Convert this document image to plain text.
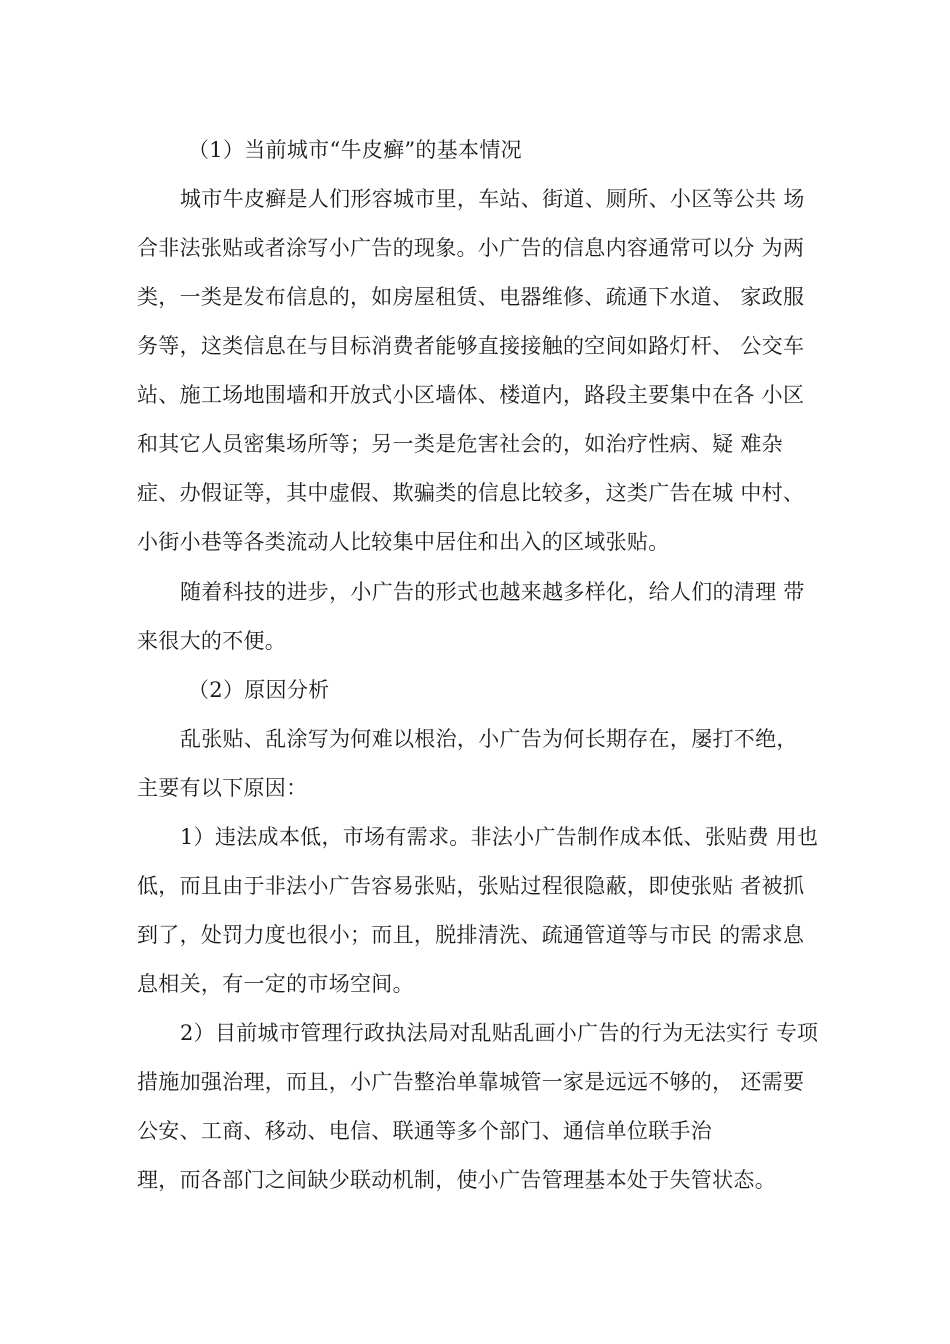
（1）当前城市“牛皮癣”的基本情况
城市牛皮癣是人们形容城市里，车站、街道、厕所、小区等公共 场
合非法张贴或者涂写小广告的现象。小广告的信息内容通常可以分 为两
类，一类是发布信息的，如房屋租赁、电器维修、疏通下水道、 家政服
务等，这类信息在与目标消费者能够直接接触的空间如路灯杆、 公交车
站、施工场地围墙和开放式小区墙体、楼道内，路段主要集中在各 小区
和其它人员密集场所等；另一类是危害社会的，如治疗性病、疑 难杂
症、办假证等，其中虚假、欺骗类的信息比较多，这类广告在城 中村、
小街小巷等各类流动人比较集中居住和出入的区域张贴。
随着科技的进步，小广告的形式也越来越多样化，给人们的清理 带
来很大的不便。
（2）原因分析
乱张贴、乱涂写为何难以根治，小广告为何长期存在，屡打不绝，
主要有以下原因：
1）违法成本低，市场有需求。非法小广告制作成本低、张贴费 用也
低，而且由于非法小广告容易张贴，张贴过程很隐蔽，即使张贴 者被抓
到了，处罚力度也很小；而且，脱排清洗、疏通管道等与市民 的需求息
息相关，有一定的市场空间。
2）目前城市管理行政执法局对乱贴乱画小广告的行为无法实行 专项
措施加强治理，而且，小广告整治单靠城管一家是远远不够的， 还需要
公安、工商、移动、电信、联通等多个部门、通信单位联手治
理，而各部门之间缺少联动机制，使小广告管理基本处于失管状态。
